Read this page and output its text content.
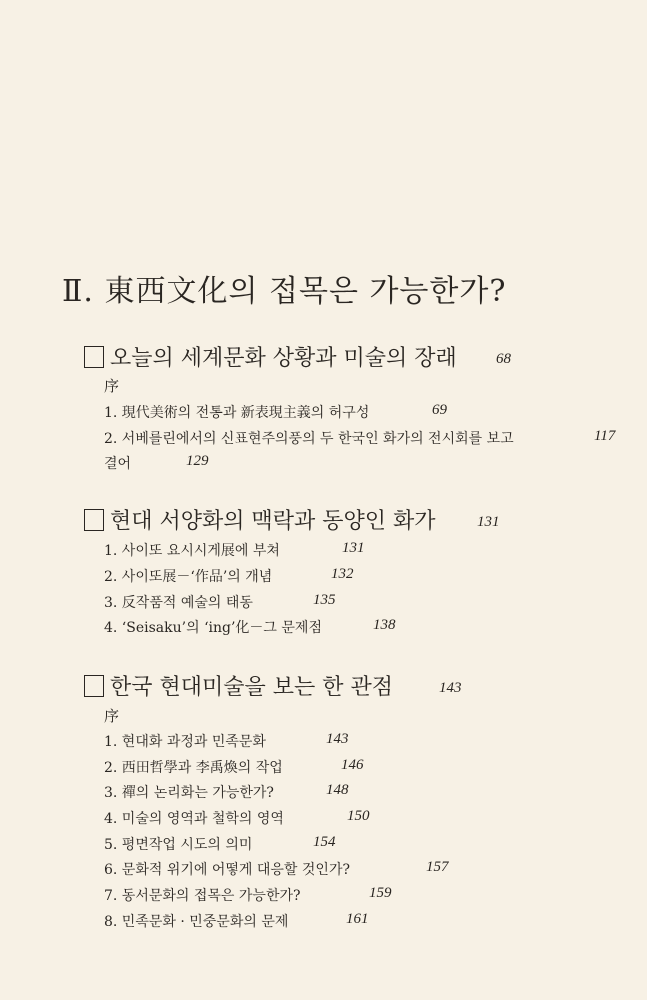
Ⅱ. 東西文化의 접목은 가능한가?
오늘의 세계문화 상황과 미술의 장래	68
序
1. 現代美術의 전통과 新表現主義의 허구성	69
2. 서베를린에서의 신표현주의풍의 두 한국인 화가의 전시회를 보고	117
결어	129
현대 서양화의 맥락과 동양인 화가	131
1. 사이또 요시시게展에 부쳐	131
2. 사이또展－‘作品’의 개념	132
3. 反작품적 예술의 태동	135
4. ‘Seisaku’의 ‘ing’化－그 문제점	138
한국 현대미술을 보는 한 관점	143
序
1. 현대화 과정과 민족문화	143
2. 西田哲學과 李禹煥의 작업	146
3. 禪의 논리화는 가능한가?	148
4. 미술의 영역과 철학의 영역	150
5. 평면작업 시도의 의미	154
6. 문화적 위기에 어떻게 대응할 것인가?	157
7. 동서문화의 접목은 가능한가?	159
8. 민족문화 · 민중문화의 문제	161
